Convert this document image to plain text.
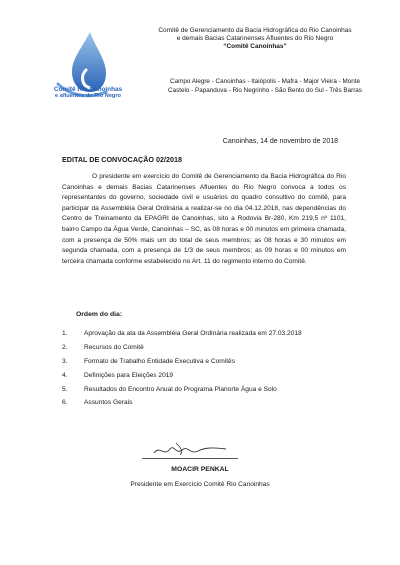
Comitê Rio Canoinhas
e afluentes do Rio Negro
Comitê de Gerenciamento da Bacia Hidrográfica do Rio Canoinhas
e demais Bacias Catarinenses Afluentes do Rio Negro
“Comitê Canoinhas”
Campo Alegre - Canoinhas - Itaiópolis - Mafra - Major Vieira - Monte
Castelo - Papanduva - Rio Negrinho - São Bento do Sul - Três Barras
Canoinhas, 14 de novembro de 2018
EDITAL DE CONVOCAÇÃO 02/2018

O presidente em exercício do Comitê de Gerenciamento da Bacia Hidrográfica do Rio Canoinhas e demais Bacias Catarinenses Afluentes do Rio Negro convoca a todos os representantes do governo, sociedade civil e usuários do quadro consultivo do comitê, para participar da Assembléia Geral Ordinária a realizar-se no dia 04.12.2018, nas dependências do Centro de Treinamento da EPAGRI de Canoinhas, sito a Rodovia Br-280, Km 219,5 nº 1101, bairro Campo da Água Verde, Canoinhas – SC, as 08 horas e 00 minutos em primeira chamada, com a presença de 50% mais um do total de seus membros; as 08 horas e 30 minutos em segunda chamada, com a presença de 1/3 de seus membros; as 09 horas e 00 minutos em terceira chamada conforme estabelecido no Art. 11 do regimento interno do Comitê.

Ordem do dia:
1.	Aprovação da ata da Assembléia Geral Ordinária realizada em 27.03.2018
2.	Recursos do Comitê
3.	Formato de Trabalho Entidade Executiva e Comitês
4.	Definições para Eleições 2019
5.	Resultados do Encontro Anual do Programa Planorte Água e Solo
6.	Assuntos Gerais
MOACIR PENKAL
Presidente em Exercício Comitê Rio Canoinhas
